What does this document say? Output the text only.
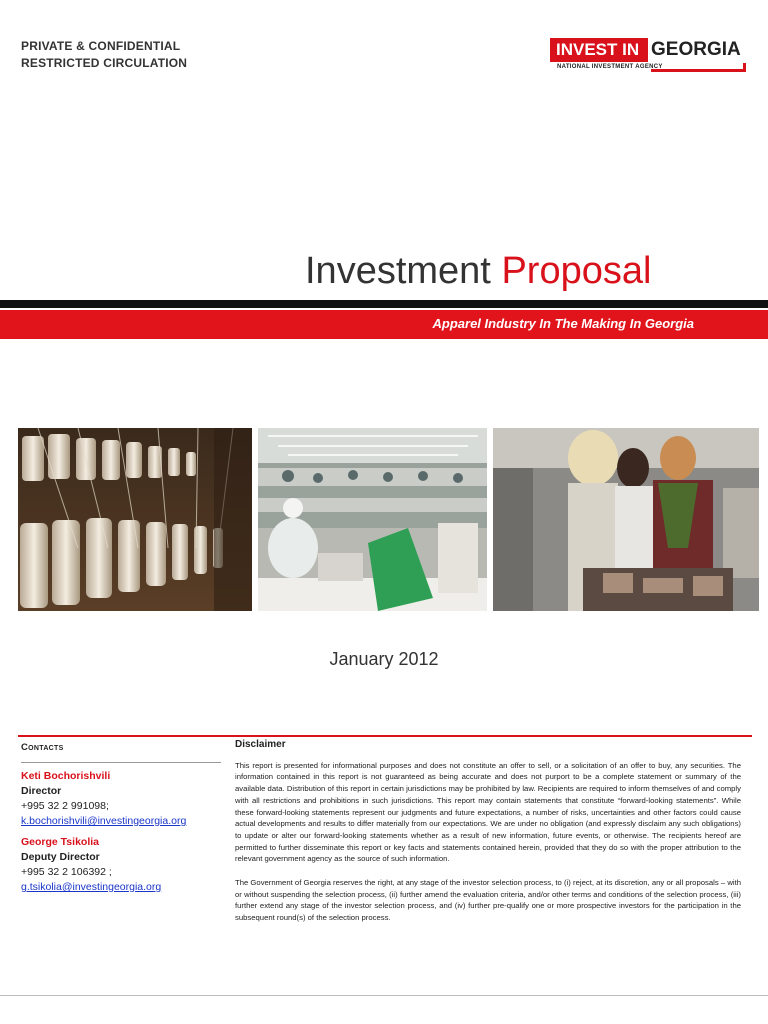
PRIVATE & CONFIDENTIAL
RESTRICTED CIRCULATION
INVEST IN GEORGIA
NATIONAL INVESTMENT AGENCY
Investment Proposal
Apparel Industry In The Making In Georgia
January 2012
Contacts
Keti Bochorishvili
Director
+995 32 2 991098;
k.bochorishvili@investingeorgia.org
George Tsikolia
Deputy Director
+995 32 2 106392 ;
g.tsikolia@investingeorgia.org
Disclaimer

This report is presented for informational purposes and does not constitute an offer to sell, or a solicitation of an offer to buy, any securities. The information contained in this report is not guaranteed as being accurate and does not purport to be a complete statement or summary of the available data. Distribution of this report in certain jurisdictions may be prohibited by law. Recipients are required to inform themselves of and comply with all restrictions and prohibitions in such jurisdictions. This report may contain statements that constitute “forward-looking statements”. While these forward-looking statements represent our judgments and future expectations, a number of risks, uncertainties and other factors could cause actual developments and results to differ materially from our expectations. We are under no obligation (and expressly disclaim any such obligations) to update or alter our forward-looking statements whether as a result of new information, future events, or otherwise. The recipients hereof are permitted to further disseminate this report or key facts and statements contained herein, provided that they do so with the proper attribution to the relevant government agency as the source of such information.

The Government of Georgia reserves the right, at any stage of the investor selection process, to (i) reject, at its discretion, any or all proposals – with or without suspending the selection process, (ii) further amend the evaluation criteria, and/or other terms and conditions of the selection process, (iii) further extend any stage of the investor selection process, and (iv) further pre-qualify one or more prospective investors for the participation in the subsequent round(s) of the selection process.
